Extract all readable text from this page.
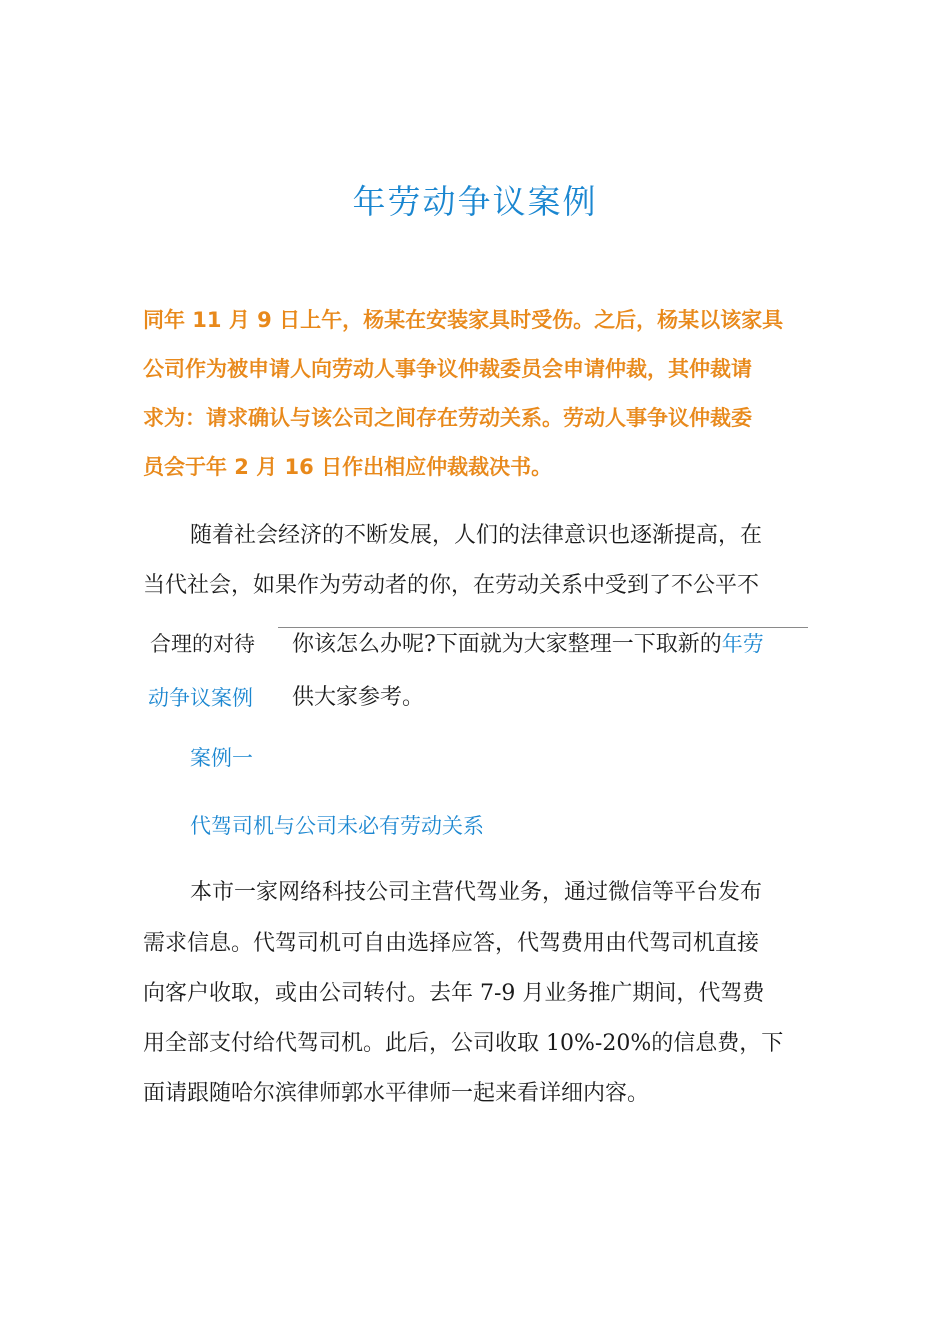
年劳动争议案例
同年 11 月 9 日上午，杨某在安装家具时受伤。之后，杨某以该家具
公司作为被申请人向劳动人事争议仲裁委员会申请仲裁，其仲裁请
求为：请求确认与该公司之间存在劳动关系。劳动人事争议仲裁委
员会于年 2 月 16 日作出相应仲裁裁决书。
随着社会经济的不断发展，人们的法律意识也逐渐提高，在
当代社会，如果作为劳动者的你，在劳动关系中受到了不公平不
合理的对待	你该怎么办呢?下面就为大家整理一下取新的年劳
动争议案例 供大家参考。
案例一
代驾司机与公司未必有劳动关系
本市一家网络科技公司主营代驾业务，通过微信等平台发布
需求信息。代驾司机可自由选择应答，代驾费用由代驾司机直接
向客户收取，或由公司转付。去年 7-9 月业务推广期间，代驾费
用全部支付给代驾司机。此后，公司收取 10%-20%的信息费，下
面请跟随哈尔滨律师郭水平律师一起来看详细内容。
